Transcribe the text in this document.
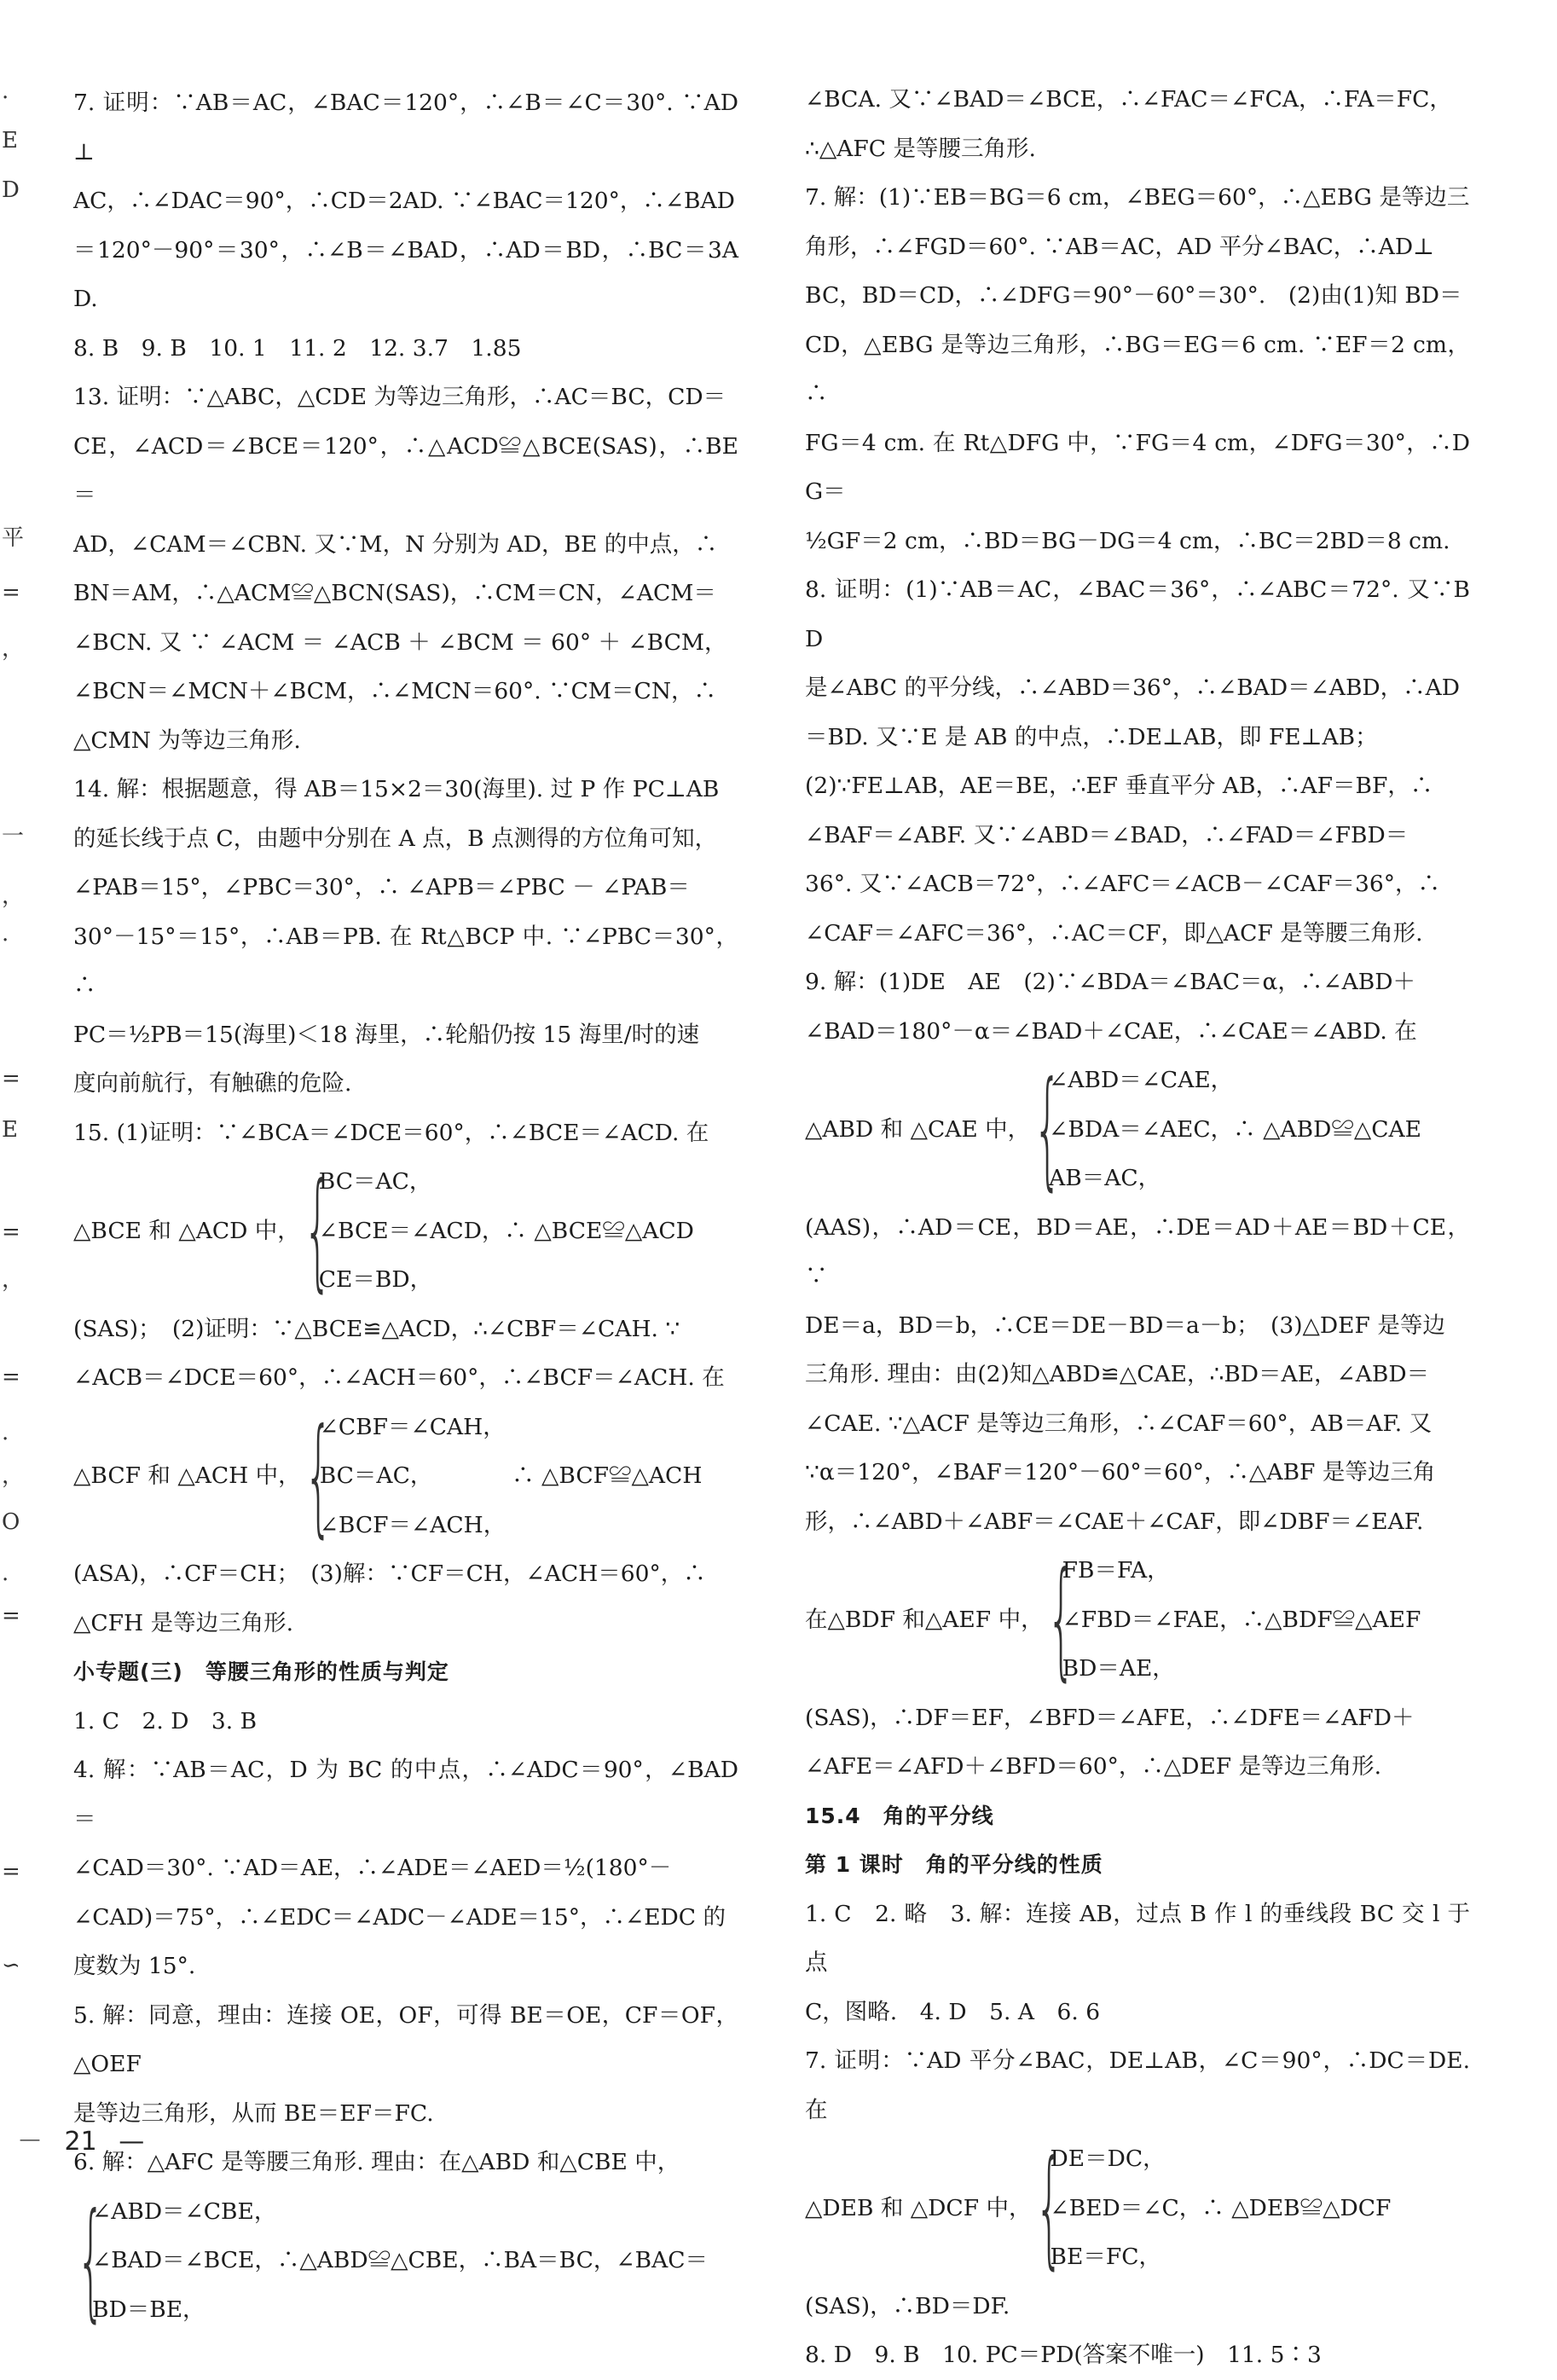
.
E
D
平
=
，
一
.
，
=
E
=
，
=
.
，
O
.
=
=
∽

7. 证明：∵AB＝AC，∠BAC＝120°，∴∠B＝∠C＝30°. ∵AD⊥

AC，∴∠DAC＝90°，∴CD＝2AD. ∵∠BAC＝120°，∴∠BAD

＝120°－90°＝30°，∴∠B＝∠BAD，∴AD＝BD，∴BC＝3AD.

8. B　9. B　10. 1　11. 2　12. 3.7　1.85

13. 证明：∵△ABC，△CDE 为等边三角形，∴AC＝BC，CD＝

CE，∠ACD＝∠BCE＝120°，∴△ACD≌△BCE(SAS)，∴BE＝

AD，∠CAM＝∠CBN. 又∵M，N 分别为 AD，BE 的中点，∴

BN＝AM，∴△ACM≌△BCN(SAS)，∴CM＝CN，∠ACM＝

∠BCN. 又 ∵ ∠ACM ＝ ∠ACB ＋ ∠BCM ＝ 60° ＋ ∠BCM，

∠BCN＝∠MCN＋∠BCM，∴∠MCN＝60°. ∵CM＝CN，∴

△CMN 为等边三角形.

14. 解：根据题意，得 AB＝15×2＝30(海里). 过 P 作 PC⊥AB

的延长线于点 C，由题中分别在 A 点，B 点测得的方位角可知，

∠PAB＝15°，∠PBC＝30°，∴ ∠APB＝∠PBC － ∠PAB＝

30°－15°＝15°，∴AB＝PB. 在 Rt△BCP 中. ∵∠PBC＝30°，∴

PC＝½PB＝15(海里)＜18 海里，∴轮船仍按 15 海里/时的速

度向前航行，有触礁的危险.

15. (1)证明：∵∠BCA＝∠DCE＝60°，∴∠BCE＝∠ACD. 在

△BCE 和 △ACD 中， {
BC＝AC，
∠BCE＝∠ACD，∴ △BCE≌△ACD
CE＝BD，

(SAS)；　(2)证明：∵△BCE≌△ACD，∴∠CBF＝∠CAH. ∵

∠ACB＝∠DCE＝60°，∴∠ACH＝60°，∴∠BCF＝∠ACH. 在

△BCF 和 △ACH 中， {
∠CBF＝∠CAH，
BC＝AC，　　　　∴ △BCF≌△ACH
∠BCF＝∠ACH，

(ASA)，∴CF＝CH；　(3)解：∵CF＝CH，∠ACH＝60°，∴

△CFH 是等边三角形.

小专题(三)　等腰三角形的性质与判定

1. C　2. D　3. B

4. 解：∵AB＝AC，D 为 BC 的中点，∴∠ADC＝90°，∠BAD＝

∠CAD＝30°. ∵AD＝AE，∴∠ADE＝∠AED＝½(180°－

∠CAD)＝75°，∴∠EDC＝∠ADC－∠ADE＝15°，∴∠EDC 的

度数为 15°.

5. 解：同意，理由：连接 OE，OF，可得 BE＝OE，CF＝OF，△OEF

是等边三角形，从而 BE＝EF＝FC.

6. 解：△AFC 是等腰三角形. 理由：在△ABD 和△CBE 中，

{
∠ABD＝∠CBE，
∠BAD＝∠BCE，∴△ABD≌△CBE，∴BA＝BC，∠BAC＝
BD＝BE，

∠BCA. 又∵∠BAD＝∠BCE，∴∠FAC＝∠FCA，∴FA＝FC，

∴△AFC 是等腰三角形.

7. 解：(1)∵EB＝BG＝6 cm，∠BEG＝60°，∴△EBG 是等边三

角形，∴∠FGD＝60°. ∵AB＝AC，AD 平分∠BAC，∴AD⊥

BC，BD＝CD，∴∠DFG＝90°－60°＝30°.　(2)由(1)知 BD＝

CD，△EBG 是等边三角形，∴BG＝EG＝6 cm. ∵EF＝2 cm，∴

FG＝4 cm. 在 Rt△DFG 中，∵FG＝4 cm，∠DFG＝30°，∴DG＝

½GF＝2 cm，∴BD＝BG－DG＝4 cm，∴BC＝2BD＝8 cm.

8. 证明：(1)∵AB＝AC，∠BAC＝36°，∴∠ABC＝72°. 又∵BD

是∠ABC 的平分线，∴∠ABD＝36°，∴∠BAD＝∠ABD，∴AD

＝BD. 又∵E 是 AB 的中点，∴DE⊥AB，即 FE⊥AB；

(2)∵FE⊥AB，AE＝BE，∴EF 垂直平分 AB，∴AF＝BF，∴

∠BAF＝∠ABF. 又∵∠ABD＝∠BAD，∴∠FAD＝∠FBD＝

36°. 又∵∠ACB＝72°，∴∠AFC＝∠ACB－∠CAF＝36°，∴

∠CAF＝∠AFC＝36°，∴AC＝CF，即△ACF 是等腰三角形.

9. 解：(1)DE　AE　(2)∵∠BDA＝∠BAC＝α，∴∠ABD＋

∠BAD＝180°－α＝∠BAD＋∠CAE，∴∠CAE＝∠ABD. 在

△ABD 和 △CAE 中， {
∠ABD＝∠CAE，
∠BDA＝∠AEC，∴ △ABD≌△CAE
AB＝AC，

(AAS)，∴AD＝CE，BD＝AE，∴DE＝AD＋AE＝BD＋CE，∵

DE＝a，BD＝b，∴CE＝DE－BD＝a－b；　(3)△DEF 是等边

三角形. 理由：由(2)知△ABD≌△CAE，∴BD＝AE，∠ABD＝

∠CAE. ∵△ACF 是等边三角形，∴∠CAF＝60°，AB＝AF. 又

∵α＝120°，∠BAF＝120°－60°＝60°，∴△ABF 是等边三角

形，∴∠ABD＋∠ABF＝∠CAE＋∠CAF，即∠DBF＝∠EAF.

在△BDF 和△AEF 中， {
FB＝FA，
∠FBD＝∠FAE，∴△BDF≌△AEF
BD＝AE，

(SAS)，∴DF＝EF，∠BFD＝∠AFE，∴∠DFE＝∠AFD＋

∠AFE＝∠AFD＋∠BFD＝60°，∴△DEF 是等边三角形.

15.4　角的平分线

第 1 课时　角的平分线的性质

1. C　2. 略　3. 解：连接 AB，过点 B 作 l 的垂线段 BC 交 l 于点

C，图略.　4. D　5. A　6. 6

7. 证明：∵AD 平分∠BAC，DE⊥AB，∠C＝90°，∴DC＝DE. 在

△DEB 和 △DCF 中， {
DE＝DC，
∠BED＝∠C，∴ △DEB≌△DCF
BE＝FC，

(SAS)，∴BD＝DF.

8. D　9. B　10. PC＝PD(答案不唯一)　11. 5∶3

－ 21 —
